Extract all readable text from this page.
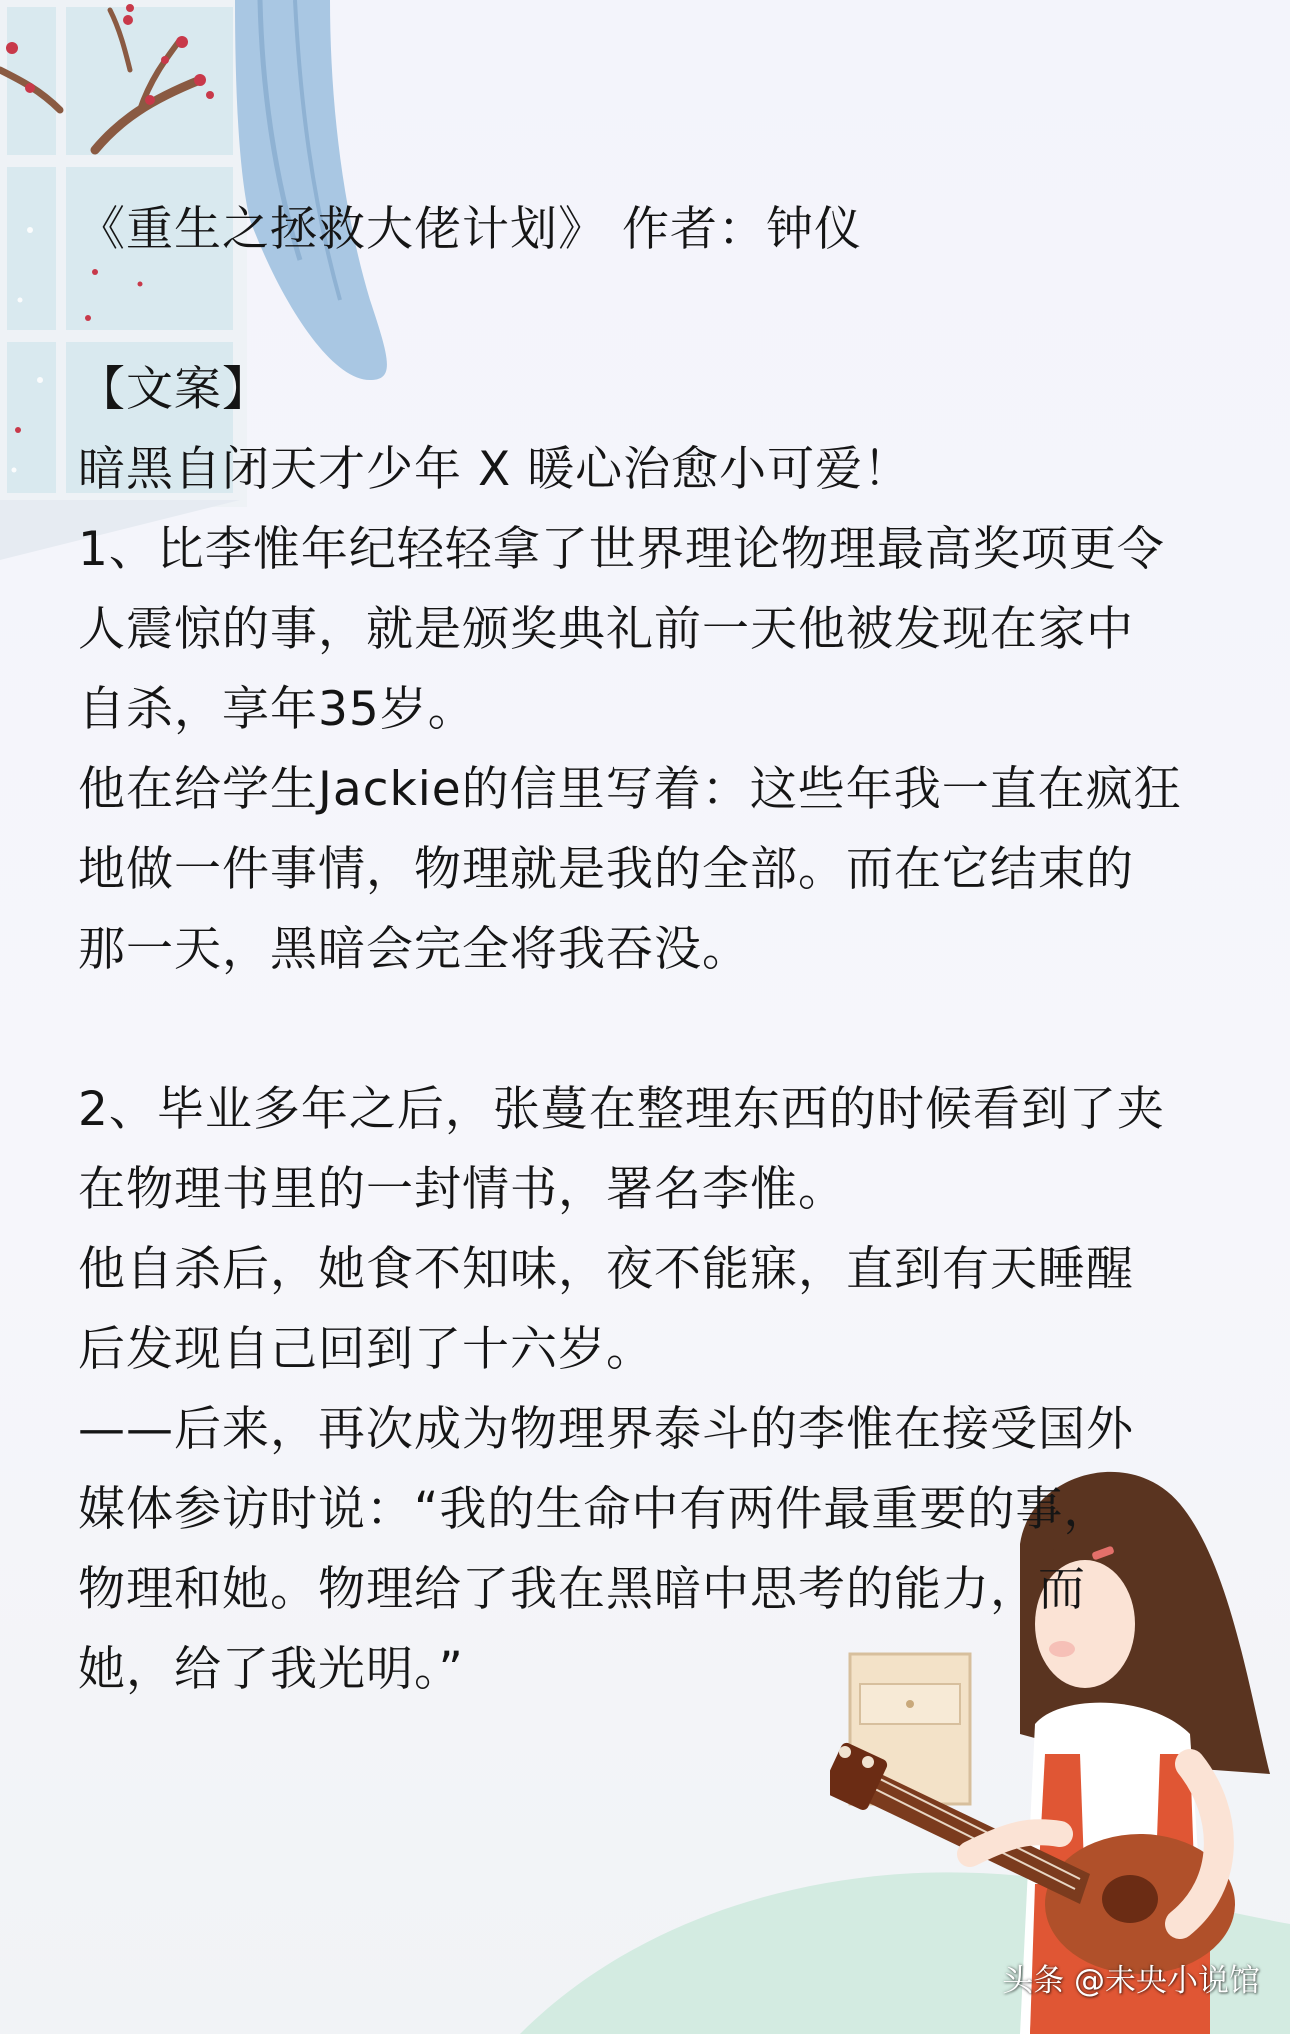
《重生之拯救大佬计划》 作者：钟仪
【文案】
暗黑自闭天才少年 X 暖心治愈小可爱！
1、比李惟年纪轻轻拿了世界理论物理最高奖项更令
人震惊的事，就是颁奖典礼前一天他被发现在家中
自杀，享年35岁。
他在给学生Jackie的信里写着：这些年我一直在疯狂
地做一件事情，物理就是我的全部。而在它结束的
那一天，黑暗会完全将我吞没。
2、毕业多年之后，张蔓在整理东西的时候看到了夹
在物理书里的一封情书，署名李惟。
他自杀后，她食不知味，夜不能寐，直到有天睡醒
后发现自己回到了十六岁。
——后来，再次成为物理界泰斗的李惟在接受国外
媒体参访时说：“我的生命中有两件最重要的事，
物理和她。物理给了我在黑暗中思考的能力，而
她，给了我光明。”
头条 @未央小说馆
